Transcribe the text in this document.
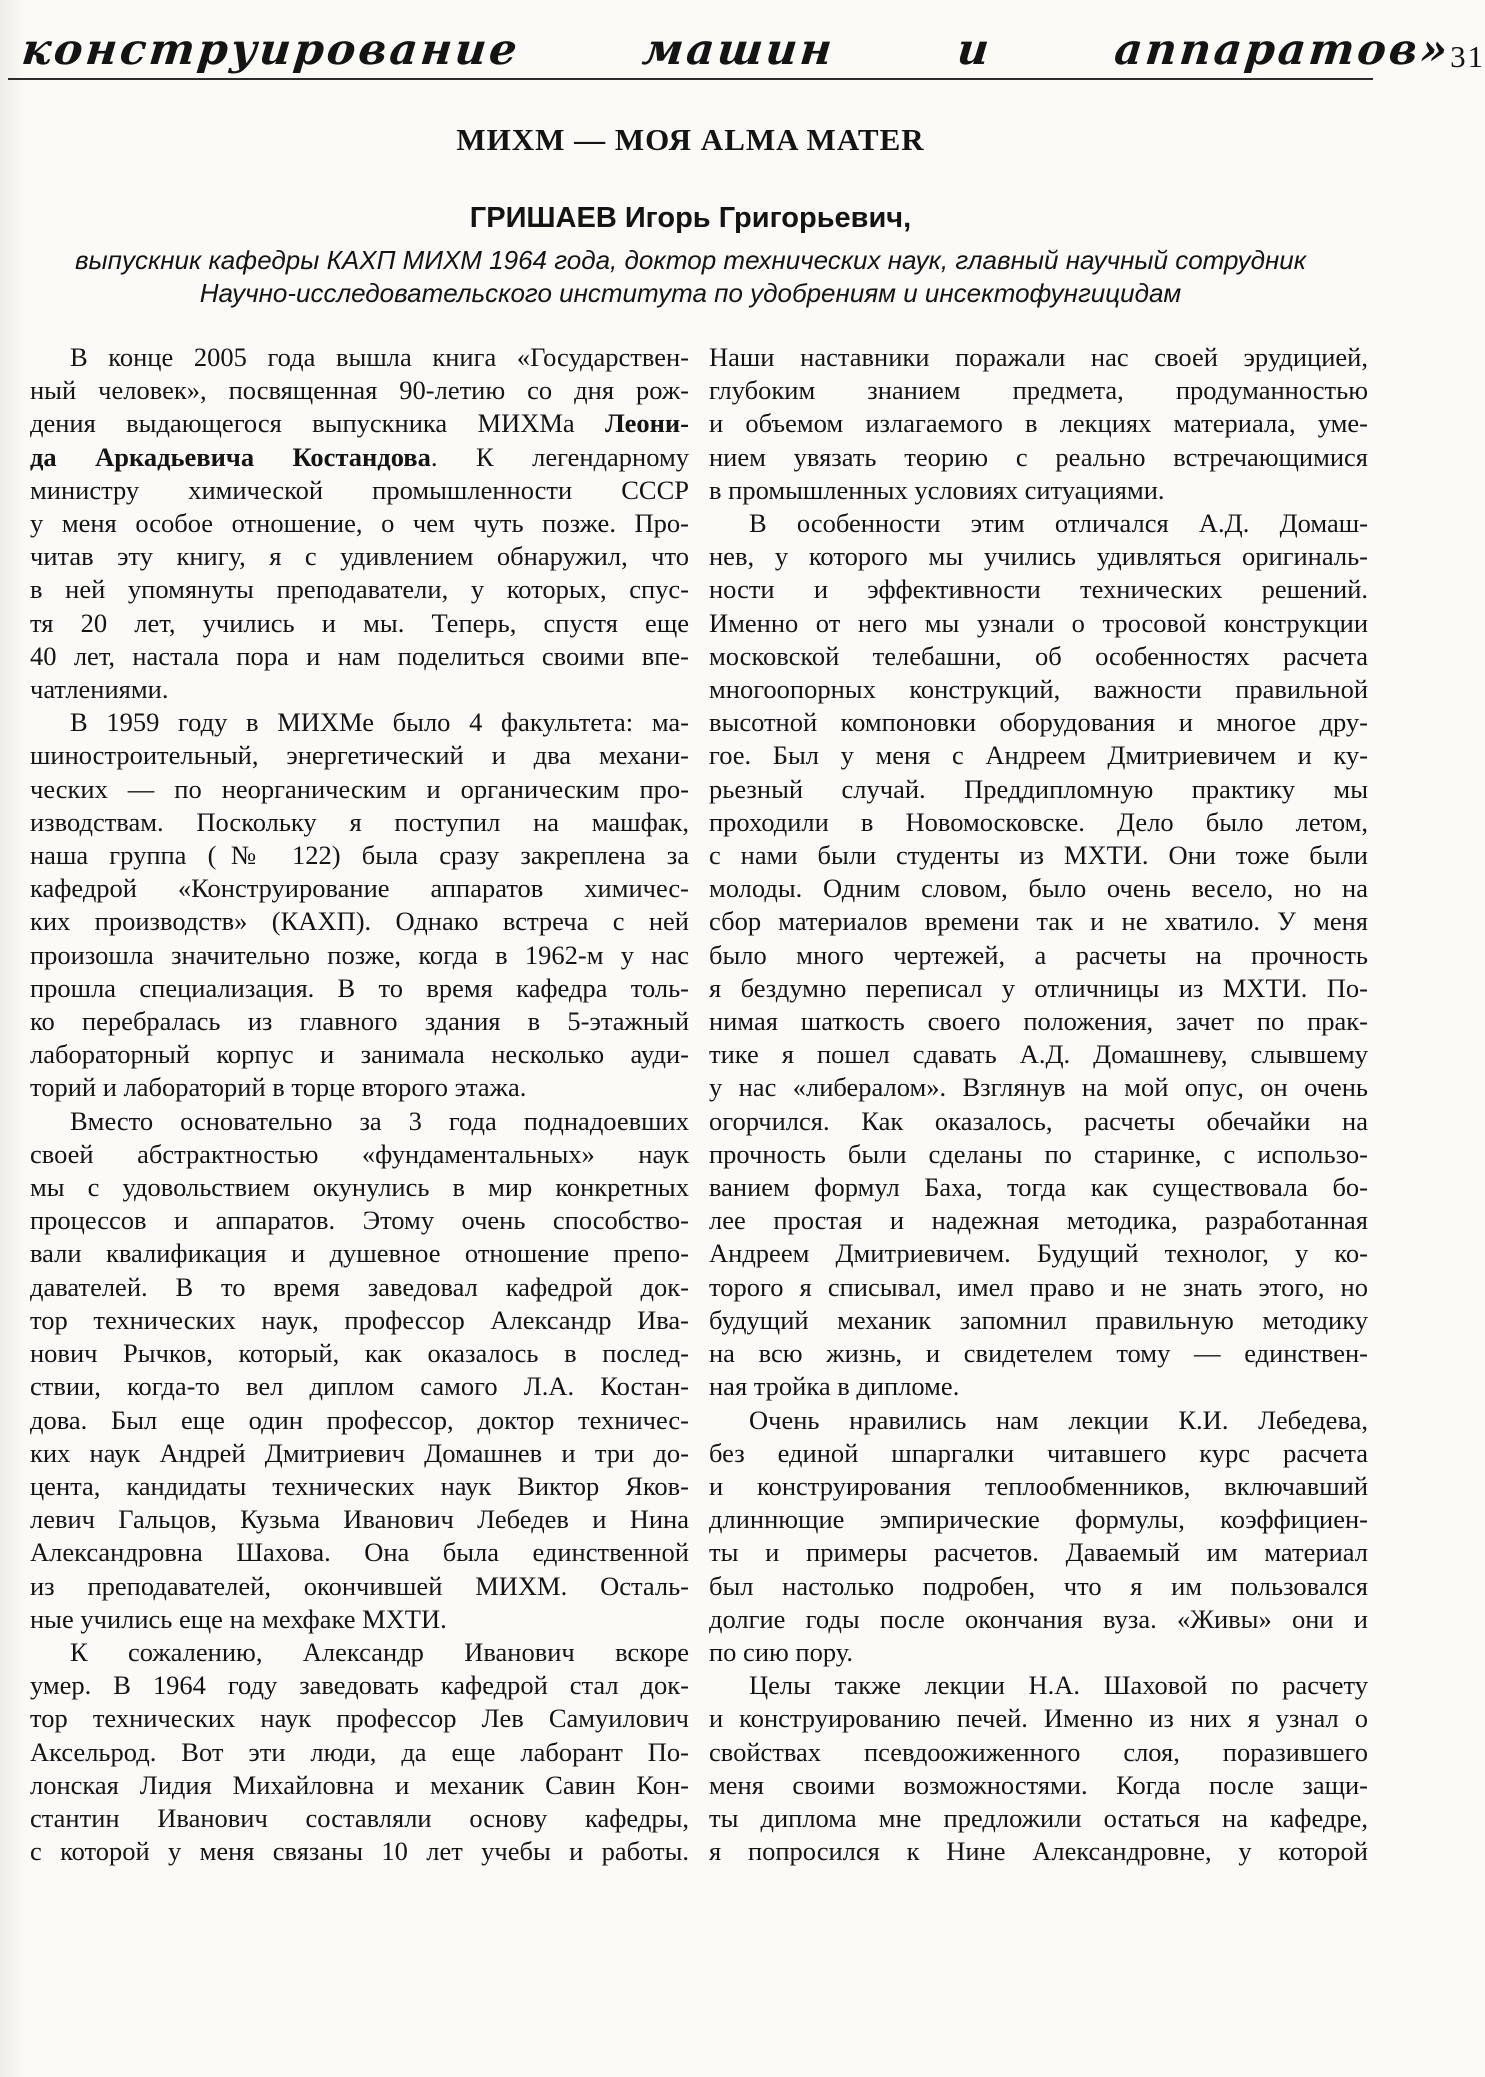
конструирование машин и аппаратов»
31
МИХМ — МОЯ ALMA MATER
ГРИШАЕВ Игорь Григорьевич,
выпускник кафедры КАХП МИХМ 1964 года, доктор технических наук, главный научный сотрудник
Научно-исследовательского института по удобрениям и инсектофунгицидам
В конце 2005 года вышла книга «Государствен-
ный человек», посвященная 90-летию со дня рож-
дения выдающегося выпускника МИХМа Леони-
да Аркадьевича Костандова. К легендарному
министру химической промышленности СССР
у меня особое отношение, о чем чуть позже. Про-
читав эту книгу, я с удивлением обнаружил, что
в ней упомянуты преподаватели, у которых, спус-
тя 20 лет, учились и мы. Теперь, спустя еще
40 лет, настала пора и нам поделиться своими впе-
чатлениями.
В 1959 году в МИХМе было 4 факультета: ма-
шиностроительный, энергетический и два механи-
ческих — по неорганическим и органическим про-
изводствам. Поскольку я поступил на машфак,
наша группа (№ 122) была сразу закреплена за
кафедрой «Конструирование аппаратов химичес-
ких производств» (КАХП). Однако встреча с ней
произошла значительно позже, когда в 1962-м у нас
прошла специализация. В то время кафедра толь-
ко перебралась из главного здания в 5-этажный
лабораторный корпус и занимала несколько ауди-
торий и лабораторий в торце второго этажа.
Вместо основательно за 3 года поднадоевших
своей абстрактностью «фундаментальных» наук
мы с удовольствием окунулись в мир конкретных
процессов и аппаратов. Этому очень способство-
вали квалификация и душевное отношение препо-
давателей. В то время заведовал кафедрой док-
тор технических наук, профессор Александр Ива-
нович Рычков, который, как оказалось в послед-
ствии, когда-то вел диплом самого Л.А. Костан-
дова. Был еще один профессор, доктор техничес-
ких наук Андрей Дмитриевич Домашнев и три до-
цента, кандидаты технических наук Виктор Яков-
левич Гальцов, Кузьма Иванович Лебедев и Нина
Александровна Шахова. Она была единственной
из преподавателей, окончившей МИХМ. Осталь-
ные учились еще на мехфаке МХТИ.
К сожалению, Александр Иванович вскоре
умер. В 1964 году заведовать кафедрой стал док-
тор технических наук профессор Лев Самуилович
Аксельрод. Вот эти люди, да еще лаборант По-
лонская Лидия Михайловна и механик Савин Кон-
стантин Иванович составляли основу кафедры,
с которой у меня связаны 10 лет учебы и работы.
Наши наставники поражали нас своей эрудицией,
глубоким знанием предмета, продуманностью
и объемом излагаемого в лекциях материала, уме-
нием увязать теорию с реально встречающимися
в промышленных условиях ситуациями.
В особенности этим отличался А.Д. Домаш-
нев, у которого мы учились удивляться оригиналь-
ности и эффективности технических решений.
Именно от него мы узнали о тросовой конструкции
московской телебашни, об особенностях расчета
многоопорных конструкций, важности правильной
высотной компоновки оборудования и многое дру-
гое. Был у меня с Андреем Дмитриевичем и ку-
рьезный случай. Преддипломную практику мы
проходили в Новомосковске. Дело было летом,
с нами были студенты из МХТИ. Они тоже были
молоды. Одним словом, было очень весело, но на
сбор материалов времени так и не хватило. У меня
было много чертежей, а расчеты на прочность
я бездумно переписал у отличницы из МХТИ. По-
нимая шаткость своего положения, зачет по прак-
тике я пошел сдавать А.Д. Домашневу, слывшему
у нас «либералом». Взглянув на мой опус, он очень
огорчился. Как оказалось, расчеты обечайки на
прочность были сделаны по старинке, с использо-
ванием формул Баха, тогда как существовала бо-
лее простая и надежная методика, разработанная
Андреем Дмитриевичем. Будущий технолог, у ко-
торого я списывал, имел право и не знать этого, но
будущий механик запомнил правильную методику
на всю жизнь, и свидетелем тому — единствен-
ная тройка в дипломе.
Очень нравились нам лекции К.И. Лебедева,
без единой шпаргалки читавшего курс расчета
и конструирования теплообменников, включавший
длиннющие эмпирические формулы, коэффициен-
ты и примеры расчетов. Даваемый им материал
был настолько подробен, что я им пользовался
долгие годы после окончания вуза. «Живы» они и
по сию пору.
Целы также лекции Н.А. Шаховой по расчету
и конструированию печей. Именно из них я узнал о
свойствах псевдоожиженного слоя, поразившего
меня своими возможностями. Когда после защи-
ты диплома мне предложили остаться на кафедре,
я попросился к Нине Александровне, у которой
